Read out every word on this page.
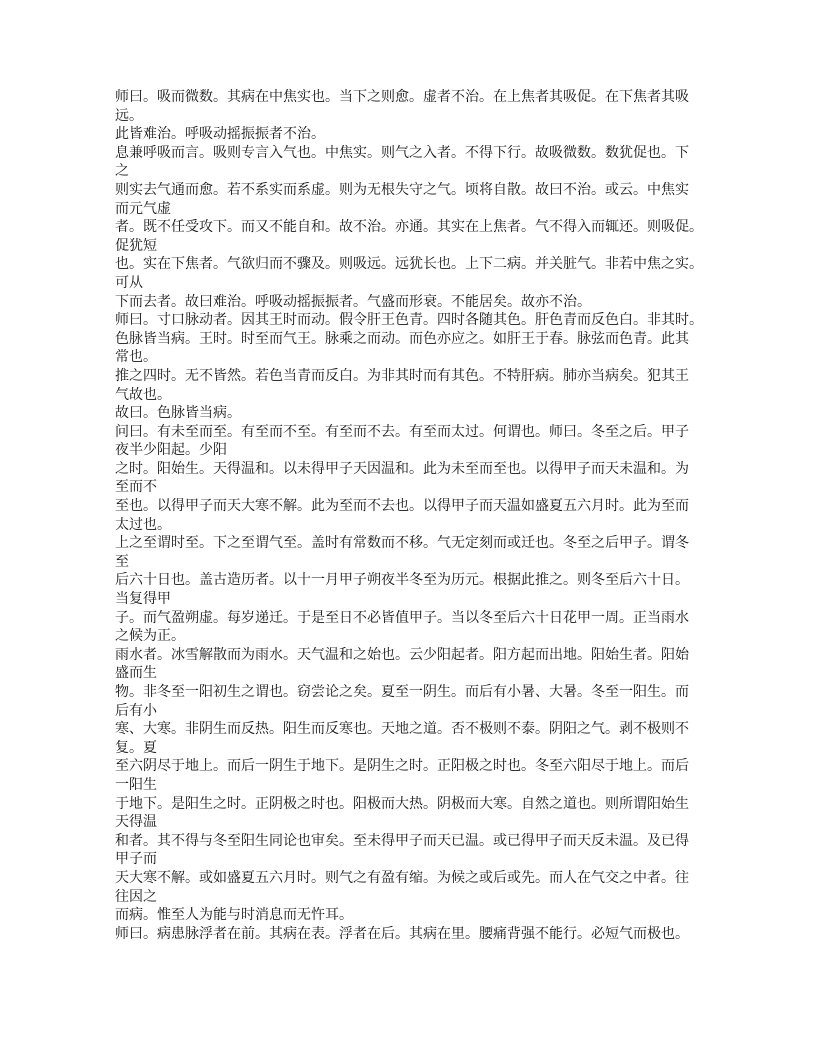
师曰。吸而微数。其病在中焦实也。当下之则愈。虚者不治。在上焦者其吸促。在下焦者其吸
远。
此皆难治。呼吸动摇振振者不治。
息兼呼吸而言。吸则专言入气也。中焦实。则气之入者。不得下行。故吸微数。数犹促也。下
之
则实去气通而愈。若不系实而系虚。则为无根失守之气。顷将自散。故曰不治。或云。中焦实
而元气虚
者。既不任受攻下。而又不能自和。故不治。亦通。其实在上焦者。气不得入而辄还。则吸促。
促犹短
也。实在下焦者。气欲归而不骤及。则吸远。远犹长也。上下二病。并关脏气。非若中焦之实。
可从
下而去者。故曰难治。呼吸动摇振振者。气盛而形衰。不能居矣。故亦不治。
师曰。寸口脉动者。因其王时而动。假令肝王色青。四时各随其色。肝色青而反色白。非其时。
色脉皆当病。王时。时至而气王。脉乘之而动。而色亦应之。如肝王于春。脉弦而色青。此其
常也。
推之四时。无不皆然。若色当青而反白。为非其时而有其色。不特肝病。肺亦当病矣。犯其王
气故也。
故曰。色脉皆当病。
问曰。有未至而至。有至而不至。有至而不去。有至而太过。何谓也。师曰。冬至之后。甲子
夜半少阳起。少阳
之时。阳始生。天得温和。以未得甲子天因温和。此为未至而至也。以得甲子而天未温和。为
至而不
至也。以得甲子而天大寒不解。此为至而不去也。以得甲子而天温如盛夏五六月时。此为至而
太过也。
上之至谓时至。下之至谓气至。盖时有常数而不移。气无定刻而或迁也。冬至之后甲子。谓冬
至
后六十日也。盖古造历者。以十一月甲子朔夜半冬至为历元。根据此推之。则冬至后六十日。
当复得甲
子。而气盈朔虚。每岁递迁。于是至日不必皆值甲子。当以冬至后六十日花甲一周。正当雨水
之候为正。
雨水者。冰雪解散而为雨水。天气温和之始也。云少阳起者。阳方起而出地。阳始生者。阳始
盛而生
物。非冬至一阳初生之谓也。窃尝论之矣。夏至一阴生。而后有小暑、大暑。冬至一阳生。而
后有小
寒、大寒。非阴生而反热。阳生而反寒也。天地之道。否不极则不泰。阴阳之气。剥不极则不
复。夏
至六阴尽于地上。而后一阴生于地下。是阴生之时。正阳极之时也。冬至六阳尽于地上。而后
一阳生
于地下。是阳生之时。正阴极之时也。阳极而大热。阴极而大寒。自然之道也。则所谓阳始生
天得温
和者。其不得与冬至阳生同论也审矣。至未得甲子而天已温。或已得甲子而天反未温。及已得
甲子而
天大寒不解。或如盛夏五六月时。则气之有盈有缩。为候之或后或先。而人在气交之中者。往
往因之
而病。惟至人为能与时消息而无忤耳。
师曰。病患脉浮者在前。其病在表。浮者在后。其病在里。腰痛背强不能行。必短气而极也。
